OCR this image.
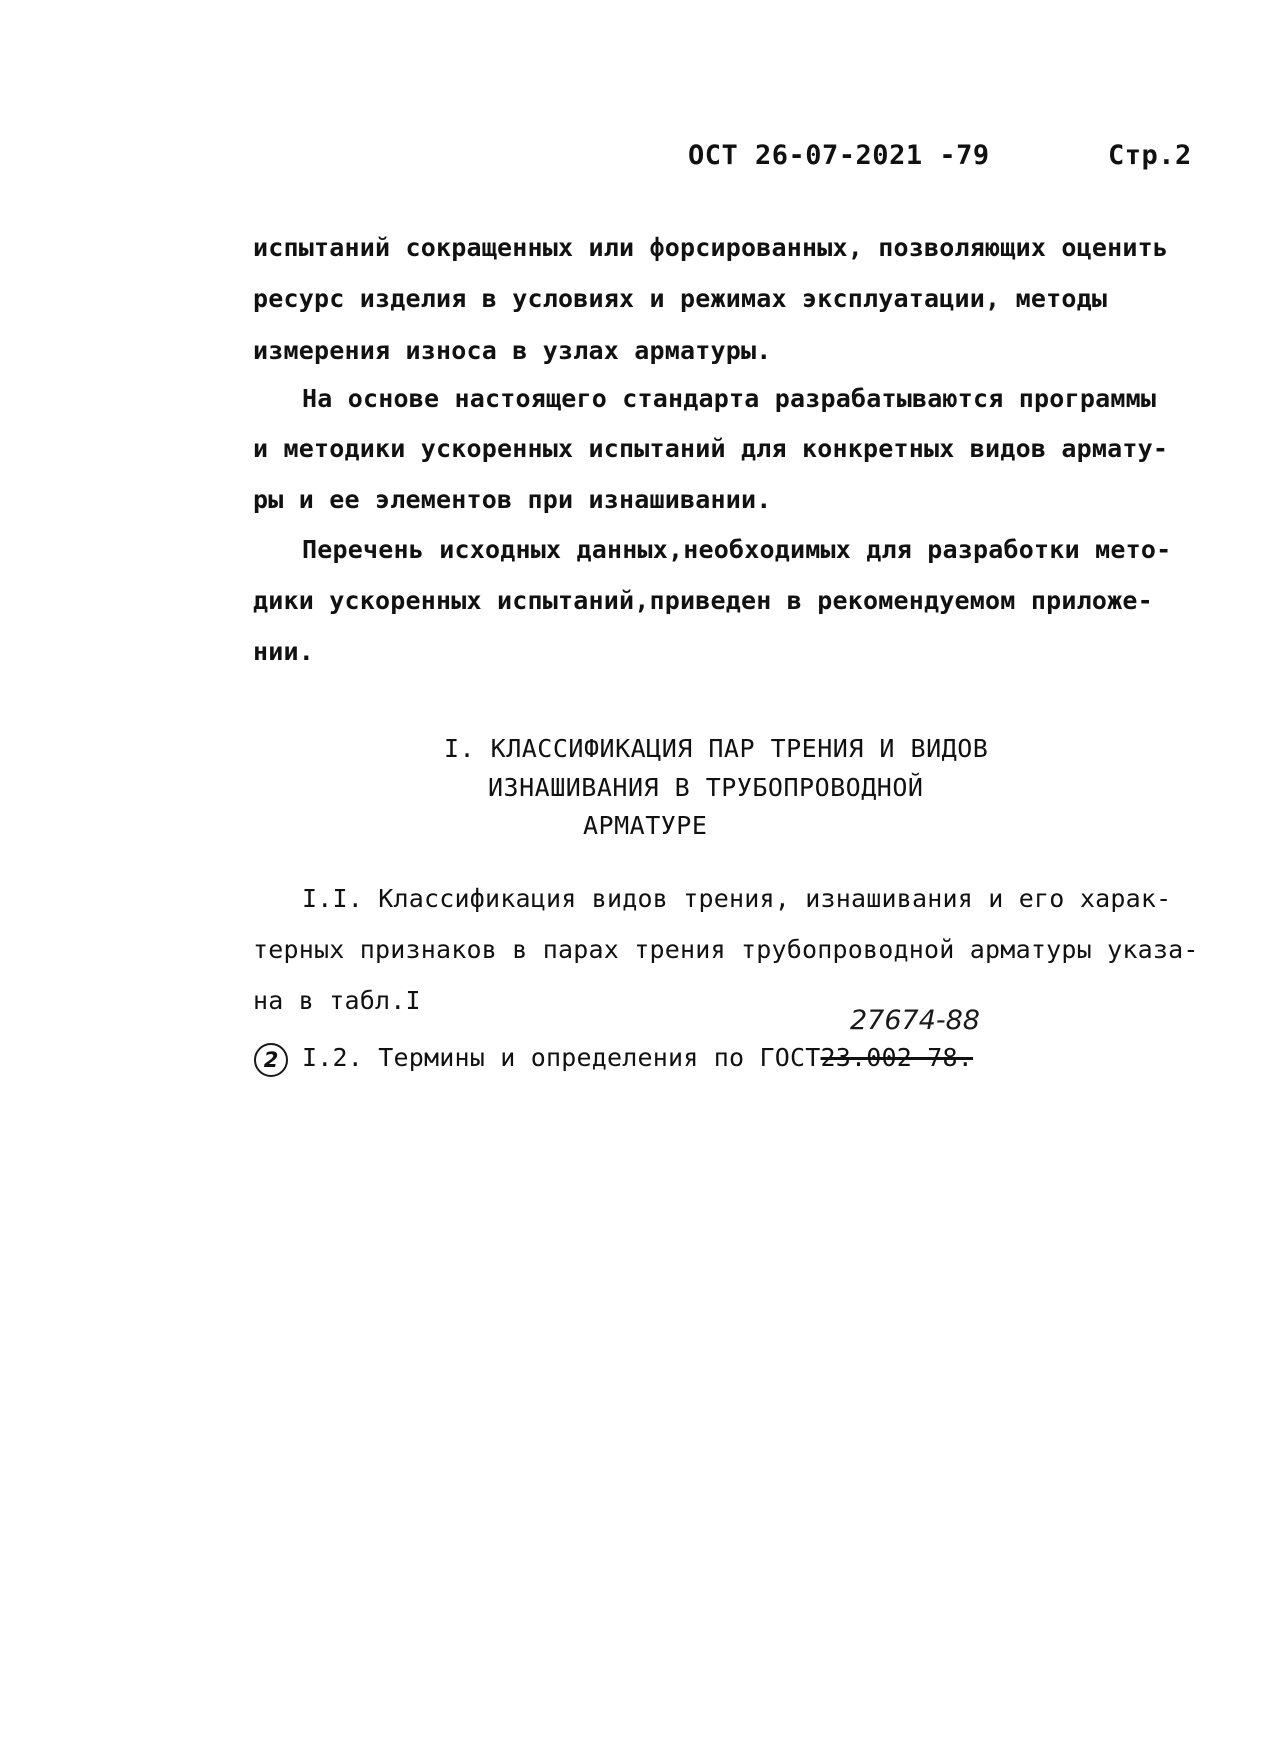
ОСТ 26-07-2021 -79	Стр.2
испытаний сокращенных или форсированных, позволяющих оценить
ресурс изделия в условиях и режимах эксплуатации, методы
измерения износа в узлах арматуры.
На основе настоящего стандарта разрабатываются программы
и методики ускоренных испытаний для конкретных видов армату-
ры и ее элементов при изнашивании.
Перечень исходных данных,необходимых для разработки мето-
дики ускоренных испытаний,приведен в рекомендуемом приложе-
нии.
I. КЛАССИФИКАЦИЯ ПАР ТРЕНИЯ И ВИДОВ
ИЗНАШИВАНИЯ В ТРУБОПРОВОДНОЙ
АРМАТУРЕ
I.I. Классификация видов трения, изнашивания и его харак-
терных признаков в парах трения трубопроводной арматуры указа-
на в табл.I
27674-88
2 I.2. Термины и определения по ГОСТ23.002-78.
